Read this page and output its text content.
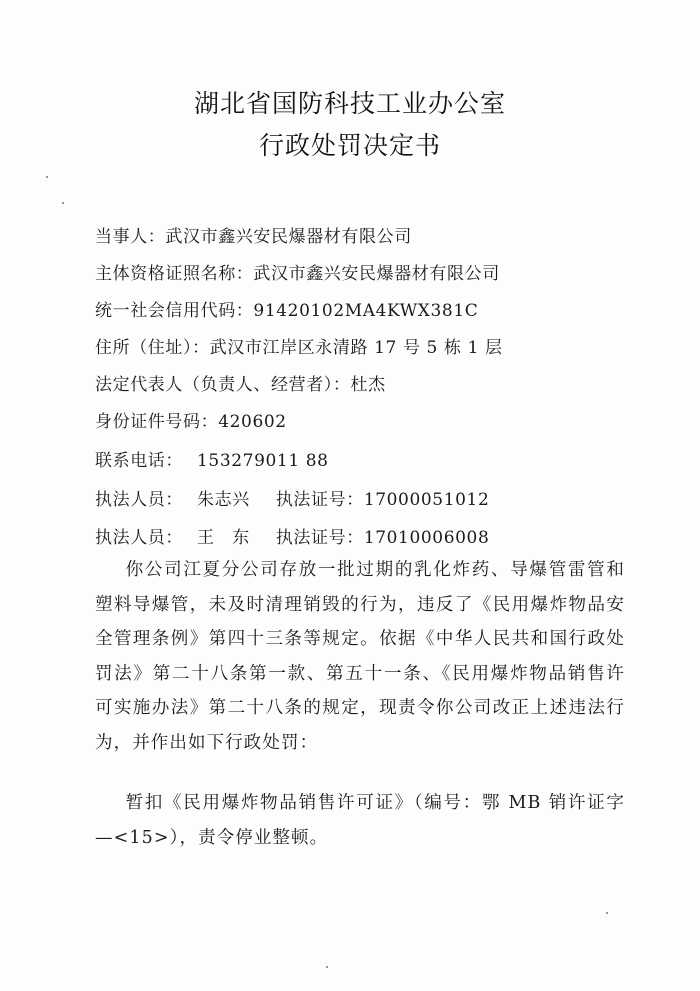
湖北省国防科技工业办公室
行政处罚决定书
当事人：武汉市鑫兴安民爆器材有限公司
主体资格证照名称：武汉市鑫兴安民爆器材有限公司
统一社会信用代码：91420102MA4KWX381C
住所（住址）：武汉市江岸区永清路 17 号 5 栋 1 层
法定代表人（负责人、经营者）：杜杰
身份证件号码：420602
联系电话： 153279011 88
执法人员： 朱志兴 执法证号：17000051012
执法人员： 王　东 执法证号：17010006008
你公司江夏分公司存放一批过期的乳化炸药、导爆管雷管和塑料导爆管，未及时清理销毁的行为，违反了《民用爆炸物品安全管理条例》第四十三条等规定。依据《中华人民共和国行政处罚法》第二十八条第一款、第五十一条、《民用爆炸物品销售许可实施办法》第二十八条的规定，现责令你公司改正上述违法行为，并作出如下行政处罚：
暂扣《民用爆炸物品销售许可证》（编号：鄂 MB 销许证字—<15>），责令停业整顿。
